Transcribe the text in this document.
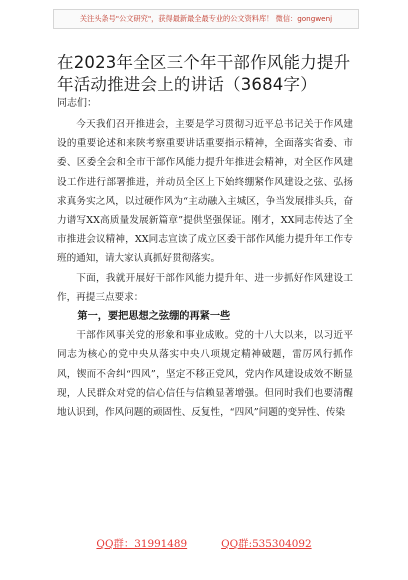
关注头条号"公文研究"，获得最新最全最专业的公文资料库！ 微信：gongwenj
在2023年全区三个年干部作风能力提升年活动推进会上的讲话（3684字）
同志们：

今天我们召开推进会，主要是学习贯彻习近平总书记关于作风建设的重要论述和来陕考察重要讲话重要指示精神，全面落实省委、市委、区委全会和全市干部作风能力提升年推进会精神，对全区作风建设工作进行部署推进，并动员全区上下始终绷紧作风建设之弦、弘扬求真务实之风，以过硬作风为“主动融入主城区，争当发展排头兵，奋力谱写XX高质量发展新篇章”提供坚强保证。刚才，XX同志传达了全市推进会议精神，XX同志宣读了成立区委干部作风能力提升年工作专班的通知，请大家认真抓好贯彻落实。

下面，我就开展好干部作风能力提升年、进一步抓好作风建设工作，再提三点要求：

第一，要把思想之弦绷的再紧一些

干部作风事关党的形象和事业成败。党的十八大以来，以习近平同志为核心的党中央从落实中央八项规定精神破题，雷厉风行抓作风，锲而不舍纠“四风”，坚定不移正党风，党内作风建设成效不断显现，人民群众对党的信心信任与信赖显著增强。但同时我们也要清醒地认识到，作风问题的顽固性、反复性，“四风”问题的变异性、传染

QQ群：31991489	QQ群:535304092
